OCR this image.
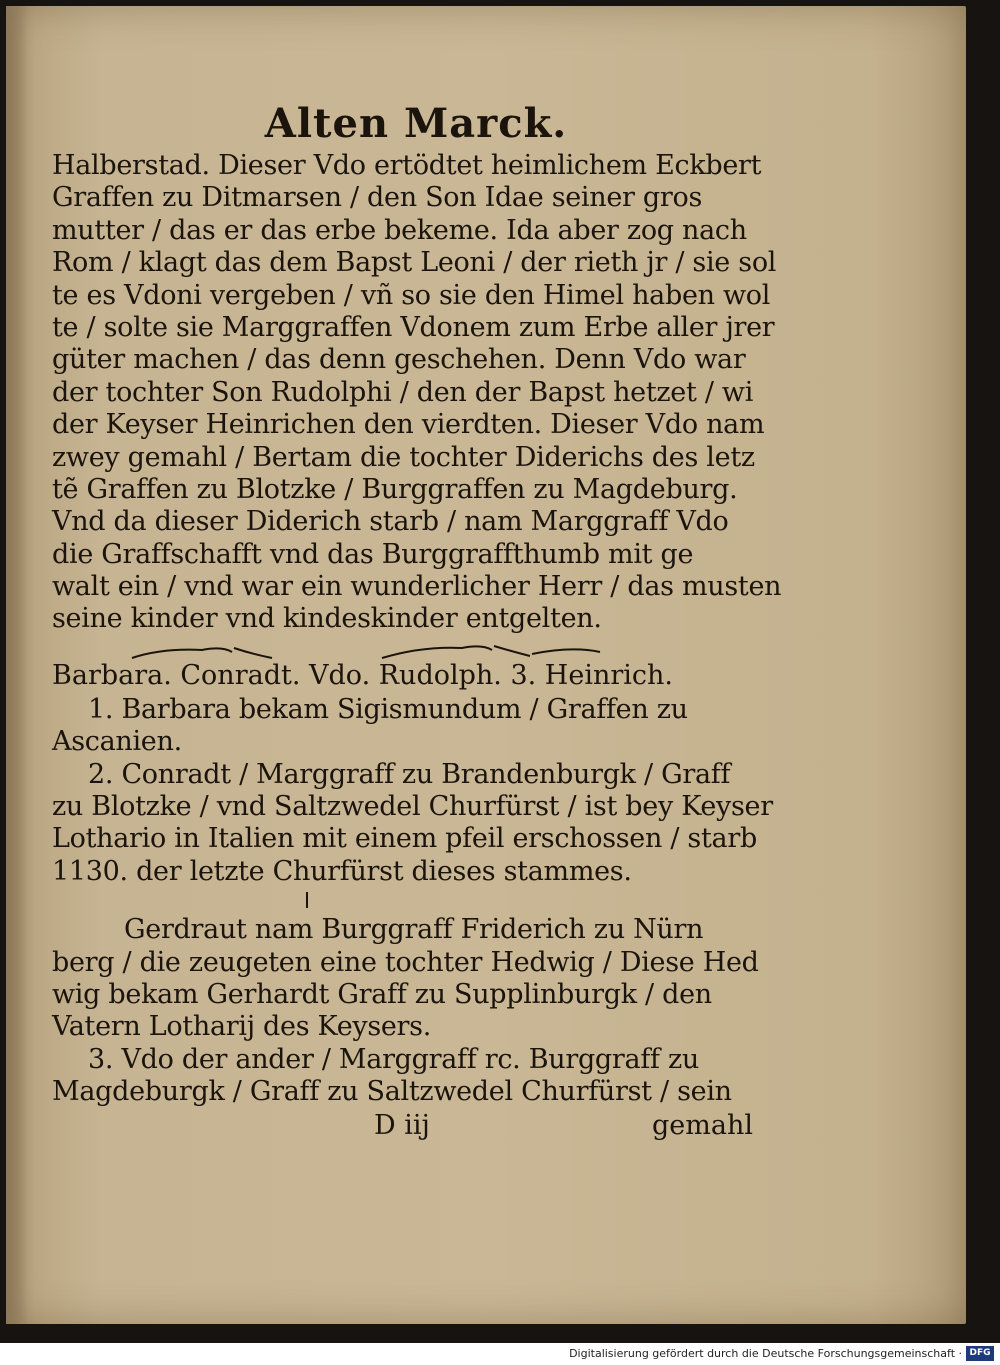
Alten Marck.
Halberstad. Dieser Vdo ertödtet heimlichem Eckbert
Graffen zu Ditmarsen / den Son Idae seiner gros
mutter / das er das erbe bekeme. Ida aber zog nach
Rom / klagt das dem Bapst Leoni / der rieth jr / sie sol
te es Vdoni vergeben / vñ so sie den Himel haben wol
te / solte sie Marggraffen Vdonem zum Erbe aller jrer
güter machen / das denn geschehen. Denn Vdo war
der tochter Son Rudolphi / den der Bapst hetzet / wi
der Keyser Heinrichen den vierdten. Dieser Vdo nam
zwey gemahl / Bertam die tochter Diderichs des letz
tẽ Graffen zu Blotzke / Burggraffen zu Magdeburg.
Vnd da dieser Diderich starb / nam Marggraff Vdo
die Graffschafft vnd das Burggraffthumb mit ge
walt ein / vnd war ein wunderlicher Herr / das musten
seine kinder vnd kindeskinder entgelten.
Barbara. Conradt. Vdo. Rudolph. 3. Heinrich.
1. Barbara bekam Sigismundum / Graffen zu
Ascanien.
2. Conradt / Marggraff zu Brandenburgk / Graff
zu Blotzke / vnd Saltzwedel Churfürst / ist bey Keyser
Lothario in Italien mit einem pfeil erschossen / starb
1130. der letzte Churfürst dieses stammes.
Gerdraut nam Burggraff Friderich zu Nürn
berg / die zeugeten eine tochter Hedwig / Diese Hed
wig bekam Gerhardt Graff zu Supplinburgk / den
Vatern Lotharij des Keysers.
3. Vdo der ander / Marggraff rc. Burggraff zu
Magdeburgk / Graff zu Saltzwedel Churfürst / sein
D iij	gemahl
Digitalisierung gefördert durch die Deutsche Forschungsgemeinschaft · DFG
